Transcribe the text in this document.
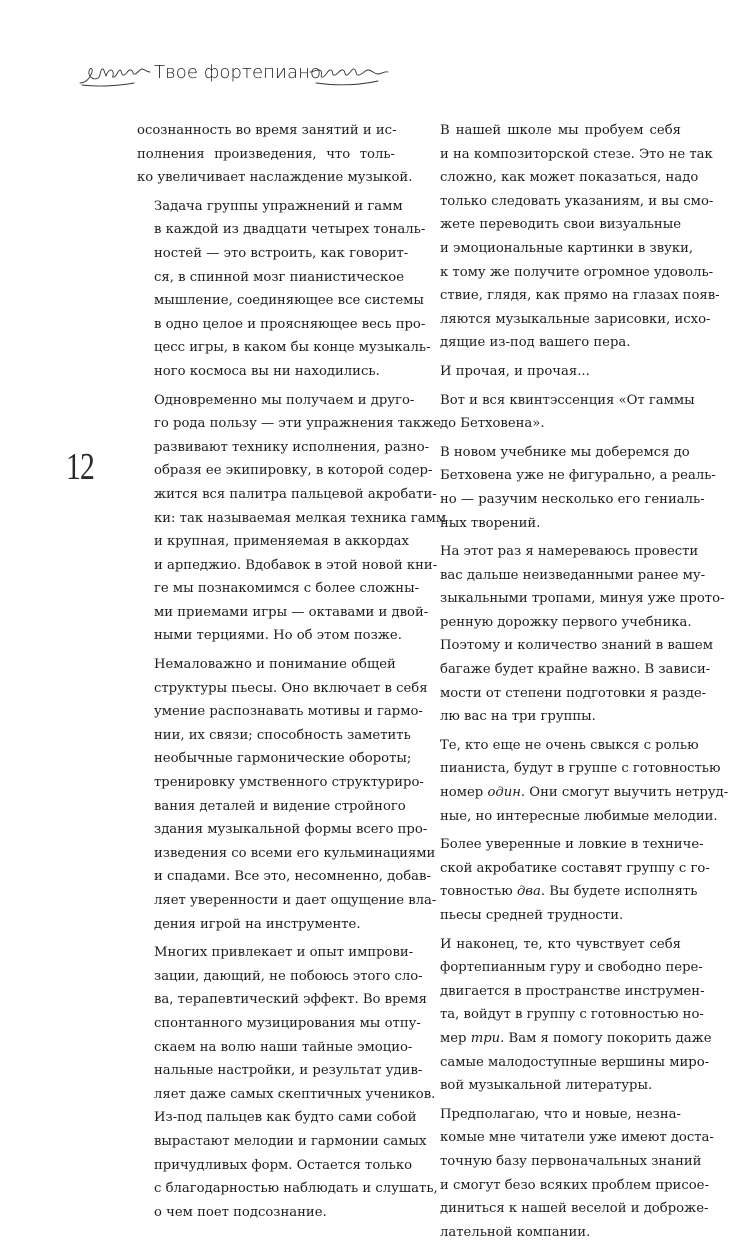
Твое фортепиано
12

осознанность во время занятий и ис-
полнения произведения, что толь-
ко увеличивает наслаждение музыкой.

Задача группы упражнений и гамм
в каждой из двадцати четырех тональ-
ностей — это встроить, как говорит-
ся, в спинной мозг пианистическое
мышление, соединяющее все системы
в одно целое и проясняющее весь про-
цесс игры, в каком бы конце музыкаль-
ного космоса вы ни находились.

Одновременно мы получаем и друго-
го рода пользу — эти упражнения также
развивают технику исполнения, разно-
образя ее экипировку, в которой содер-
жится вся палитра пальцевой акробати-
ки: так называемая мелкая техника гамм
и крупная, применяемая в аккордах
и арпеджио. Вдобавок в этой новой кни-
ге мы познакомимся с более сложны-
ми приемами игры — октавами и двой-
ными терциями. Но об этом позже.

Немаловажно и понимание общей
структуры пьесы. Оно включает в себя
умение распознавать мотивы и гармо-
нии, их связи; способность заметить
необычные гармонические обороты;
тренировку умственного структуриро-
вания деталей и видение стройного
здания музыкальной формы всего про-
изведения со всеми его кульминациями
и спадами. Все это, несомненно, добав-
ляет уверенности и дает ощущение вла-
дения игрой на инструменте.

Многих привлекает и опыт импрови-
зации, дающий, не побоюсь этого сло-
ва, терапевтический эффект. Во время
спонтанного музицирования мы отпу-
скаем на волю наши тайные эмоцио-
нальные настройки, и результат удив-
ляет даже самых скептичных учеников.
Из-под пальцев как будто сами собой
вырастают мелодии и гармонии самых
причудливых форм. Остается только
с благодарностью наблюдать и слушать,
о чем поет подсознание.

В нашей школе мы пробуем себя
и на композиторской стезе. Это не так
сложно, как может показаться, надо
только следовать указаниям, и вы смо-
жете переводить свои визуальные
и эмоциональные картинки в звуки,
к тому же получите огромное удоволь-
ствие, глядя, как прямо на глазах появ-
ляются музыкальные зарисовки, исхо-
дящие из-под вашего пера.

И прочая, и прочая...

Вот и вся квинтэссенция «От гаммы
до Бетховена».

В новом учебнике мы доберемся до
Бетховена уже не фигурально, а реаль-
но — разучим несколько его гениаль-
ных творений.

На этот раз я намереваюсь провести
вас дальше неизведанными ранее му-
зыкальными тропами, минуя уже прото-
ренную дорожку первого учебника.
Поэтому и количество знаний в вашем
багаже будет крайне важно. В зависи-
мости от степени подготовки я разде-
лю вас на три группы.

Те, кто еще не очень свыкся с ролью
пианиста, будут в группе с готовностью
номер один. Они смогут выучить нетруд-
ные, но интересные любимые мелодии.

Более уверенные и ловкие в техниче-
ской акробатике составят группу с го-
товностью два. Вы будете исполнять
пьесы средней трудности.

И наконец, те, кто чувствует себя
фортепианным гуру и свободно пере-
двигается в пространстве инструмен-
та, войдут в группу с готовностью но-
мер три. Вам я помогу покорить даже
самые малодоступные вершины миро-
вой музыкальной литературы.

Предполагаю, что и новые, незна-
комые мне читатели уже имеют доста-
точную базу первоначальных знаний
и смогут безо всяких проблем присое-
диниться к нашей веселой и доброже-
лательной компании.
